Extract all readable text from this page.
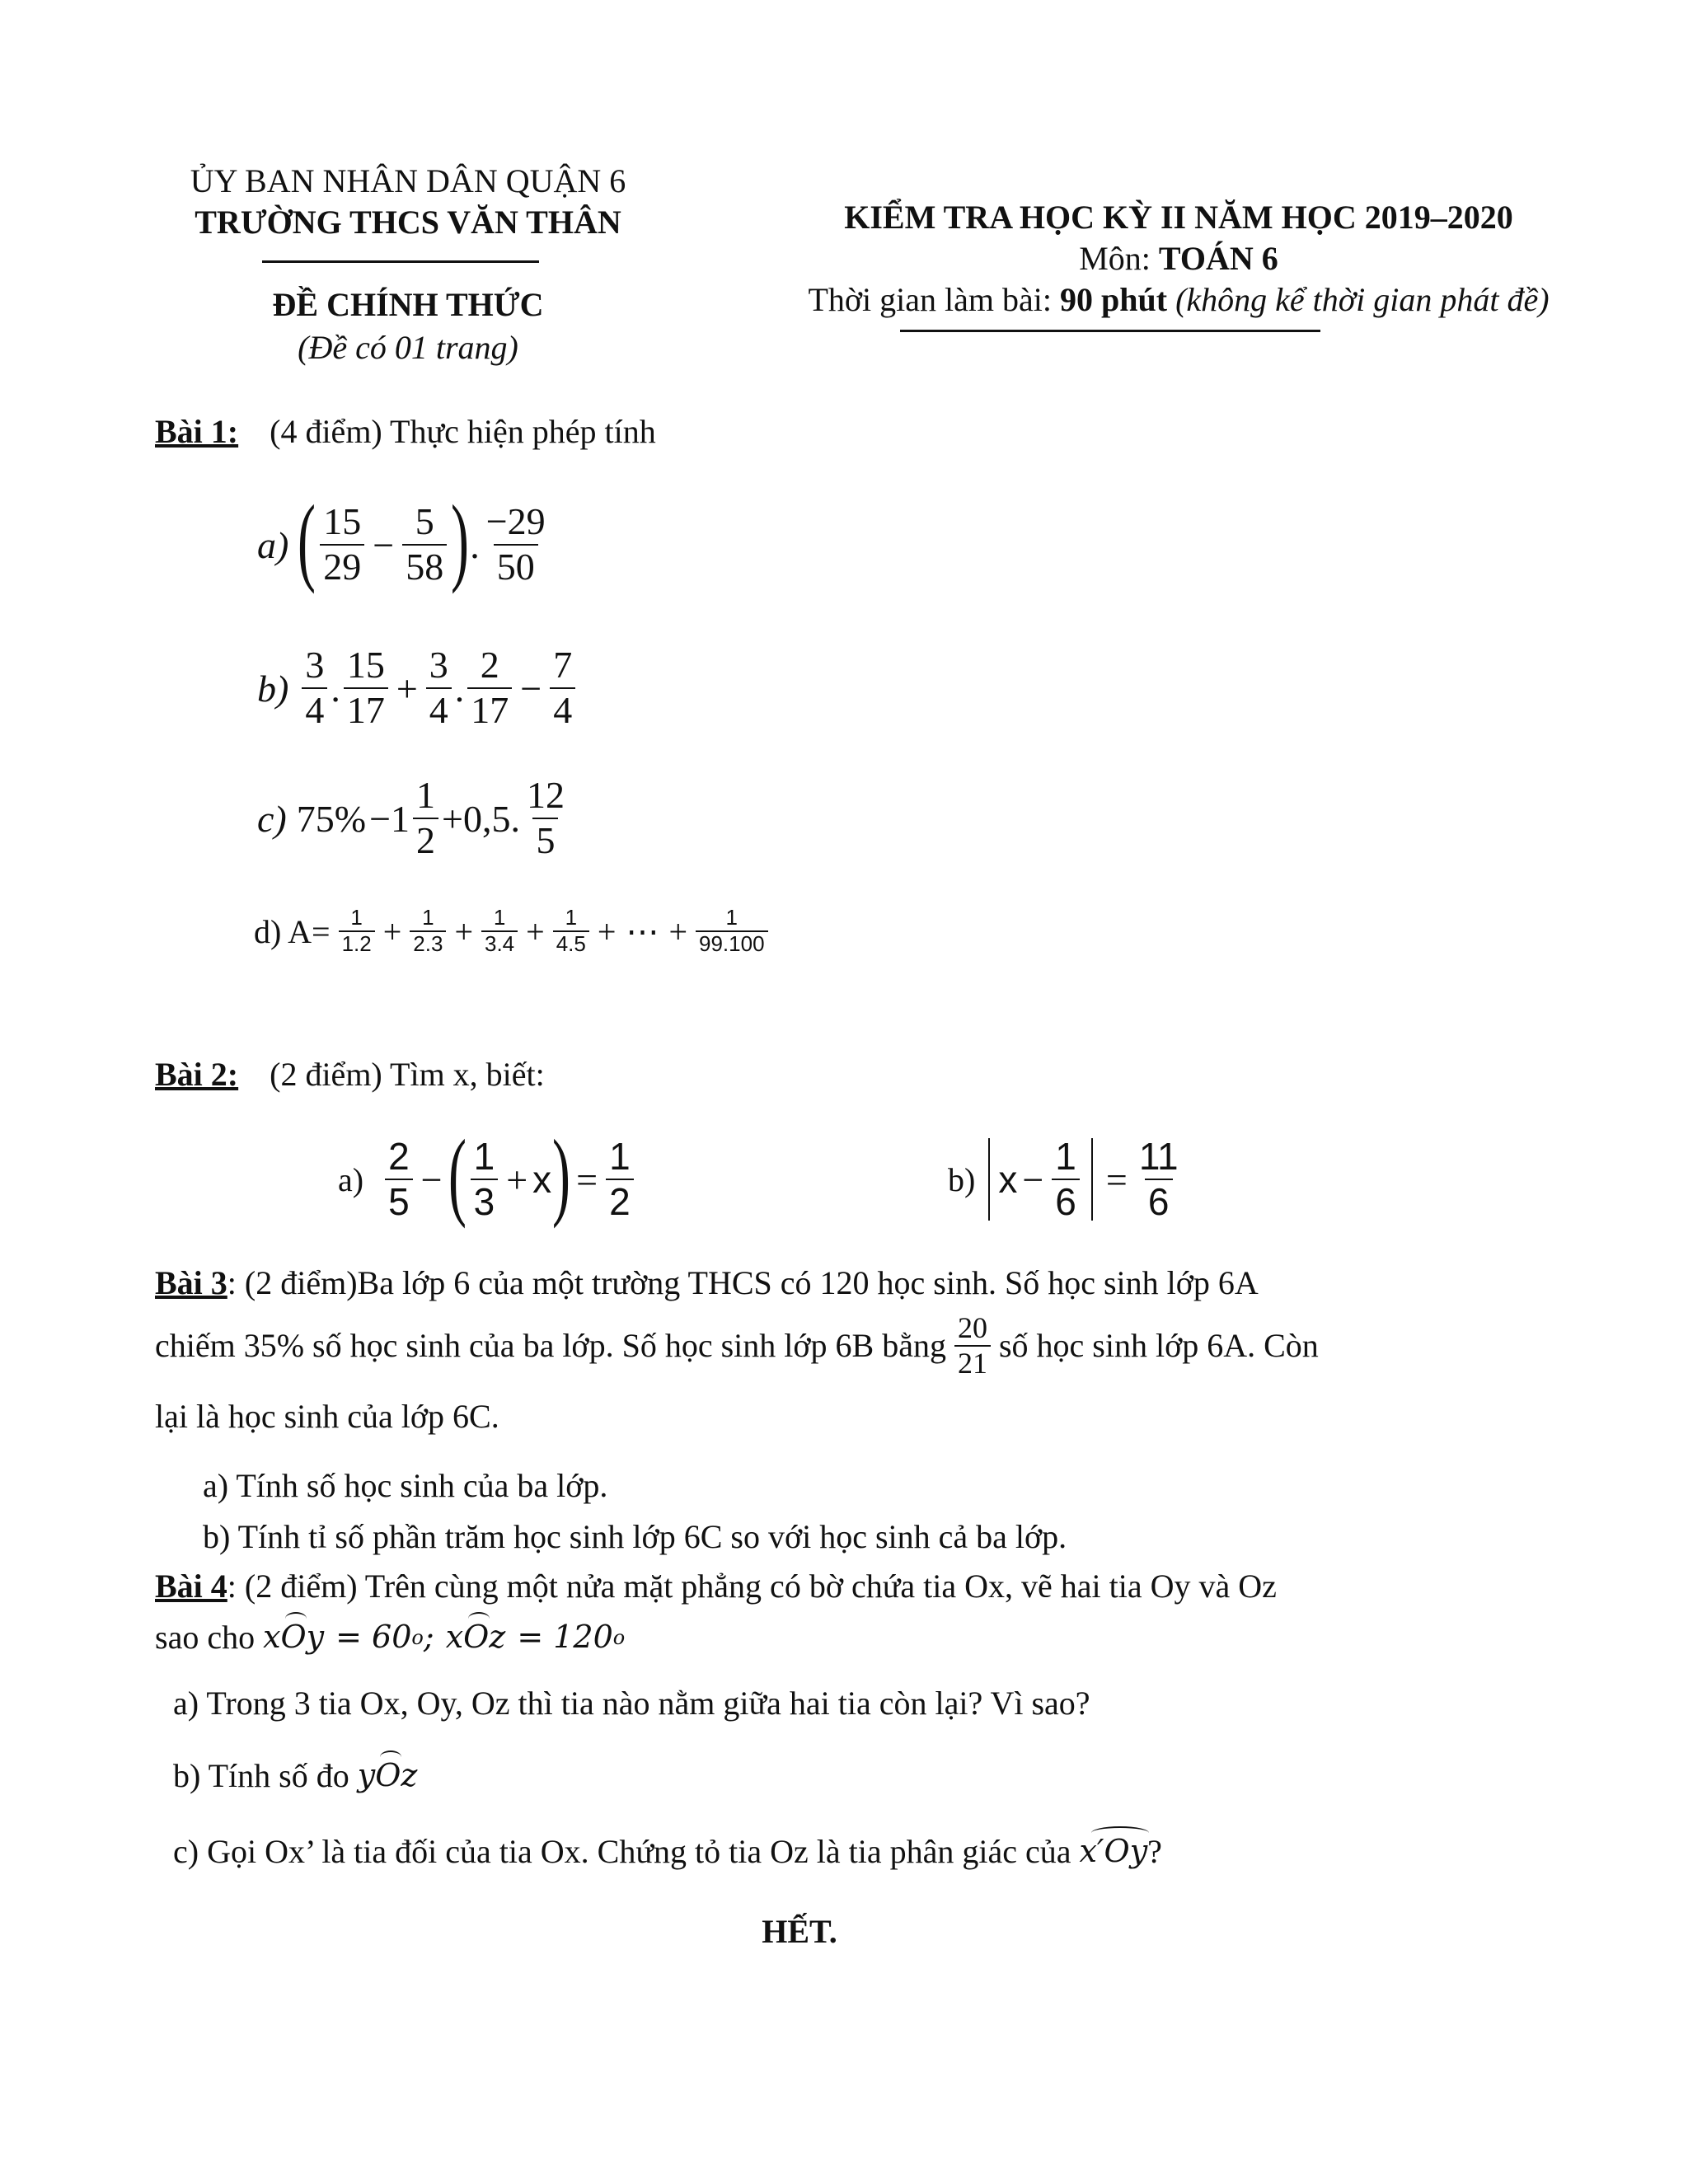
ỦY BAN NHÂN DÂN QUẬN 6
TRƯỜNG THCS VĂN THÂN
ĐỀ CHÍNH THỨC
(Đề có 01 trang)
KIỂM TRA HỌC KỲ II NĂM HỌC 2019–2020
Môn: TOÁN 6
Thời gian làm bài: 90 phút (không kể thời gian phát đề)
Bài 1: (4 điểm) Thực hiện phép tính
a) ( $\frac{15}{29} - \frac{5}{58}$ ) . $\frac{-29}{50}$
$b) \frac{3}{4}$ . $\frac{15}{17} + \frac{3}{4}$ . $\frac{2}{17} - \frac{7}{4}$
c) $75\% -1 \frac{1}{2} +0,5$. $\frac{12}{5}$
d) $A= \frac{1}{1.2} + \frac{1}{2.3} + \frac{1}{3.4} + \frac{1}{4.5}$ + ⋯ + $\frac{1}{99.100}$
Bài 2: (2 điểm) Tìm x, biết:
$a) \frac{2}{5}$ − ( $\frac{1}{3} + x$ ) = $\frac{1}{2}$	b) $x - \frac{1}{6} = \frac{11}{6}$

Bài 3: (2 điểm)Ba lớp 6 của một trường THCS có 120 học sinh. Số học sinh lớp 6A

chiếm 35% số học sinh của ba lớp. Số học sinh lớp 6B bằng $\frac{20}{21}$ số học sinh lớp 6A. Còn

lại là học sinh của lớp 6C.

a) Tính số học sinh của ba lớp.

b) Tính tỉ số phần trăm học sinh lớp 6C so với học sinh cả ba lớp.

Bài 4: (2 điểm) Trên cùng một nửa mặt phẳng có bờ chứa tia Ox, vẽ hai tia Oy và Oz

sao cho xOy = 60 o ; xOz = 120 o

a) Trong 3 tia Ox, Oy, Oz thì tia nào nằm giữa hai tia còn lại? Vì sao?

b) Tính số đo yOz
c) Gọi Ox’ là tia đối của tia Ox. Chứng tỏ tia Oz là tia phân giác của x′Oy ?
HẾT.
